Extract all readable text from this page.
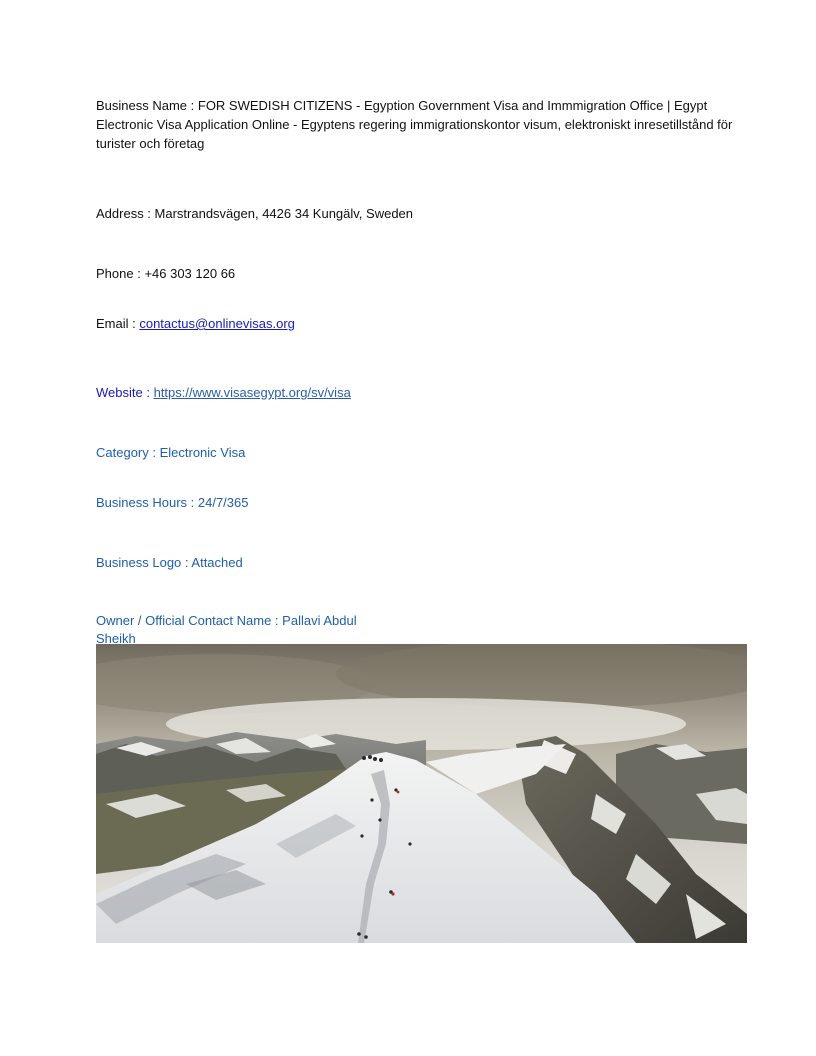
Business Name : FOR SWEDISH CITIZENS - Egyption Government Visa and Immmigration Office | Egypt Electronic Visa Application Online - Egyptens regering immigrationskontor visum, elektroniskt inresetillstånd för turister och företag

Address : Marstrandsvägen, 4426 34 Kungälv, Sweden

Phone : +46 303 120 66

Email : contactus@onlinevisas.org

Website : https://www.visasegypt.org/sv/visa

Category : Electronic Visa

Business Hours : 24/7/365

Business Logo : Attached

Owner / Official Contact Name : Pallavi Abdul Sheikh
